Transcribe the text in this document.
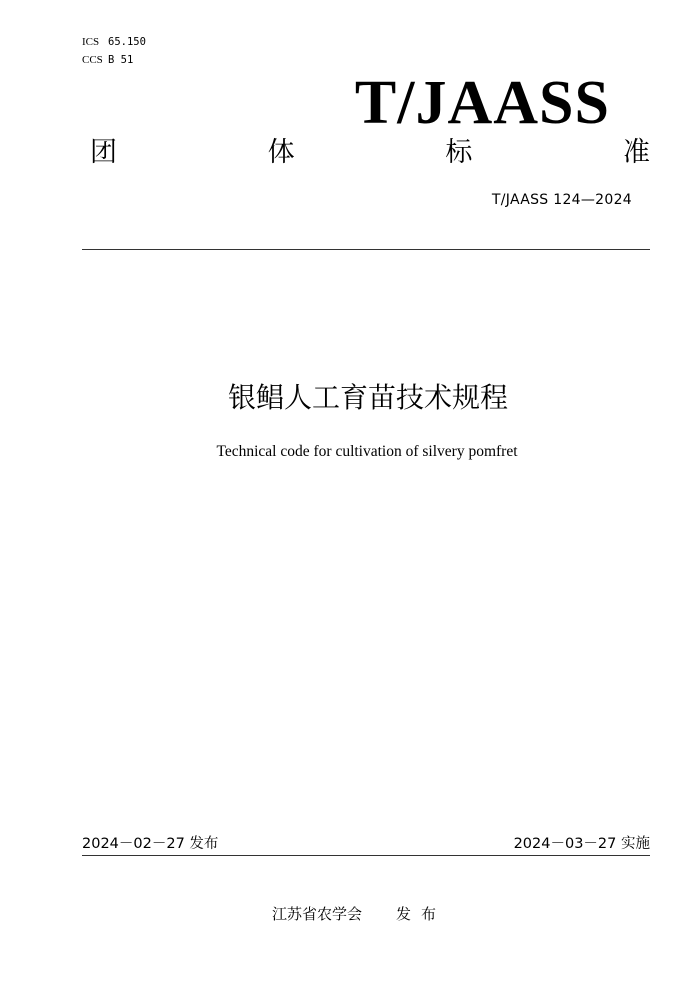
ICS 65.150
CCS B 51
T/JAASS
团	体	标	准
T/JAASS 124—2024
银鲳人工育苗技术规程
Technical code for cultivation of silvery pomfret
2024－02－27 发布	2024－03－27 实施
江苏省农学会 发布
